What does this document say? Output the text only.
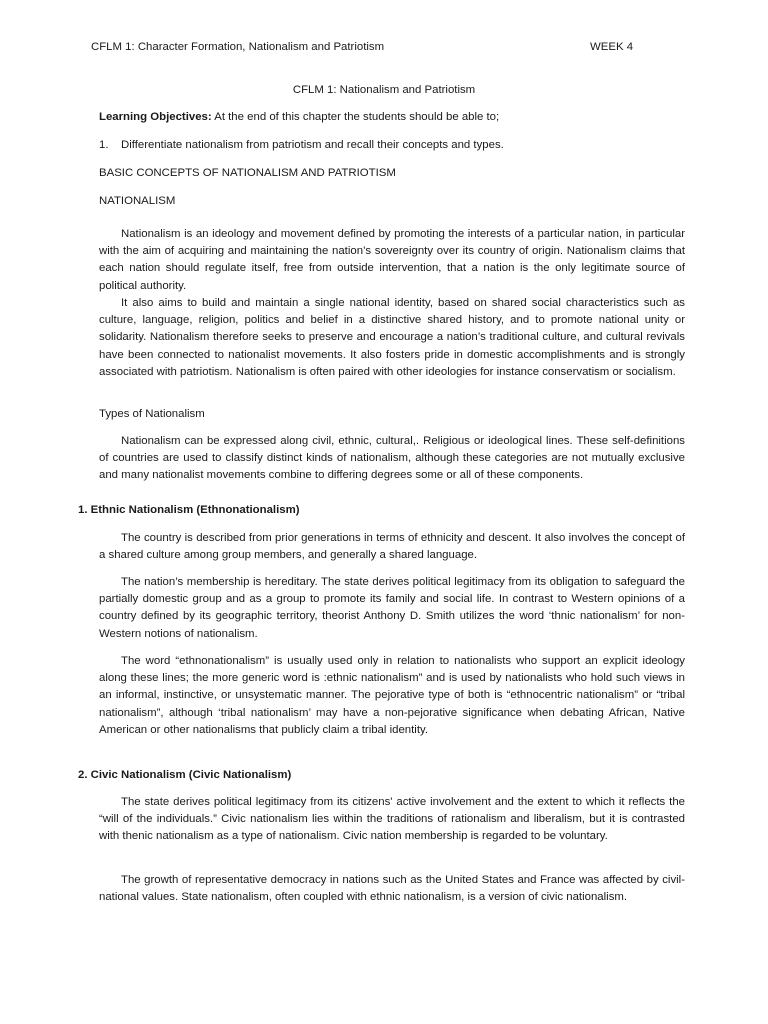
CFLM 1: Character Formation, Nationalism and Patriotism	WEEK 4
CFLM 1: Nationalism and Patriotism
Learning Objectives: At the end of this chapter the students should be able to;
1. Differentiate nationalism from patriotism and recall their concepts and types.
BASIC CONCEPTS OF NATIONALISM AND PATRIOTISM
NATIONALISM

Nationalism is an ideology and movement defined by promoting the interests of a particular nation, in particular with the aim of acquiring and maintaining the nation’s sovereignty over its country of origin. Nationalism claims that each nation should regulate itself, free from outside intervention, that a nation is the only legitimate source of political authority.

It also aims to build and maintain a single national identity, based on shared social characteristics such as culture, language, religion, politics and belief in a distinctive shared history, and to promote national unity or solidarity. Nationalism therefore seeks to preserve and encourage a nation’s traditional culture, and cultural revivals have been connected to nationalist movements. It also fosters pride in domestic accomplishments and is strongly associated with patriotism. Nationalism is often paired with other ideologies for instance conservatism or socialism.

Types of Nationalism

Nationalism can be expressed along civil, ethnic, cultural,. Religious or ideological lines. These self-definitions of countries are used to classify distinct kinds of nationalism, although these categories are not mutually exclusive and many nationalist movements combine to differing degrees some or all of these components.

1. Ethnic Nationalism (Ethnonationalism)

The country is described from prior generations in terms of ethnicity and descent. It also involves the concept of a shared culture among group members, and generally a shared language.

The nation’s membership is hereditary. The state derives political legitimacy from its obligation to safeguard the partially domestic group and as a group to promote its family and social life. In contrast to Western opinions of a country defined by its geographic territory, theorist Anthony D. Smith utilizes the word ‘thnic nationalism’ for non-Western notions of nationalism.

The word “ethnonationalism” is usually used only in relation to nationalists who support an explicit ideology along these lines; the more generic word is :ethnic nationalism” and is used by nationalists who hold such views in an informal, instinctive, or unsystematic manner. The pejorative type of both is “ethnocentric nationalism” or “tribal nationalism”, although ‘tribal nationalism’ may have a non-pejorative significance when debating African, Native American or other nationalisms that publicly claim a tribal identity.

2. Civic Nationalism (Civic Nationalism)

The state derives political legitimacy from its citizens' active involvement and the extent to which it reflects the “will of the individuals.” Civic nationalism lies within the traditions of rationalism and liberalism, but it is contrasted with thenic nationalism as a type of nationalism. Civic nation membership is regarded to be voluntary.

The growth of representative democracy in nations such as the United States and France was affected by civil-national values. State nationalism, often coupled with ethnic nationalism, is a version of civic nationalism.
